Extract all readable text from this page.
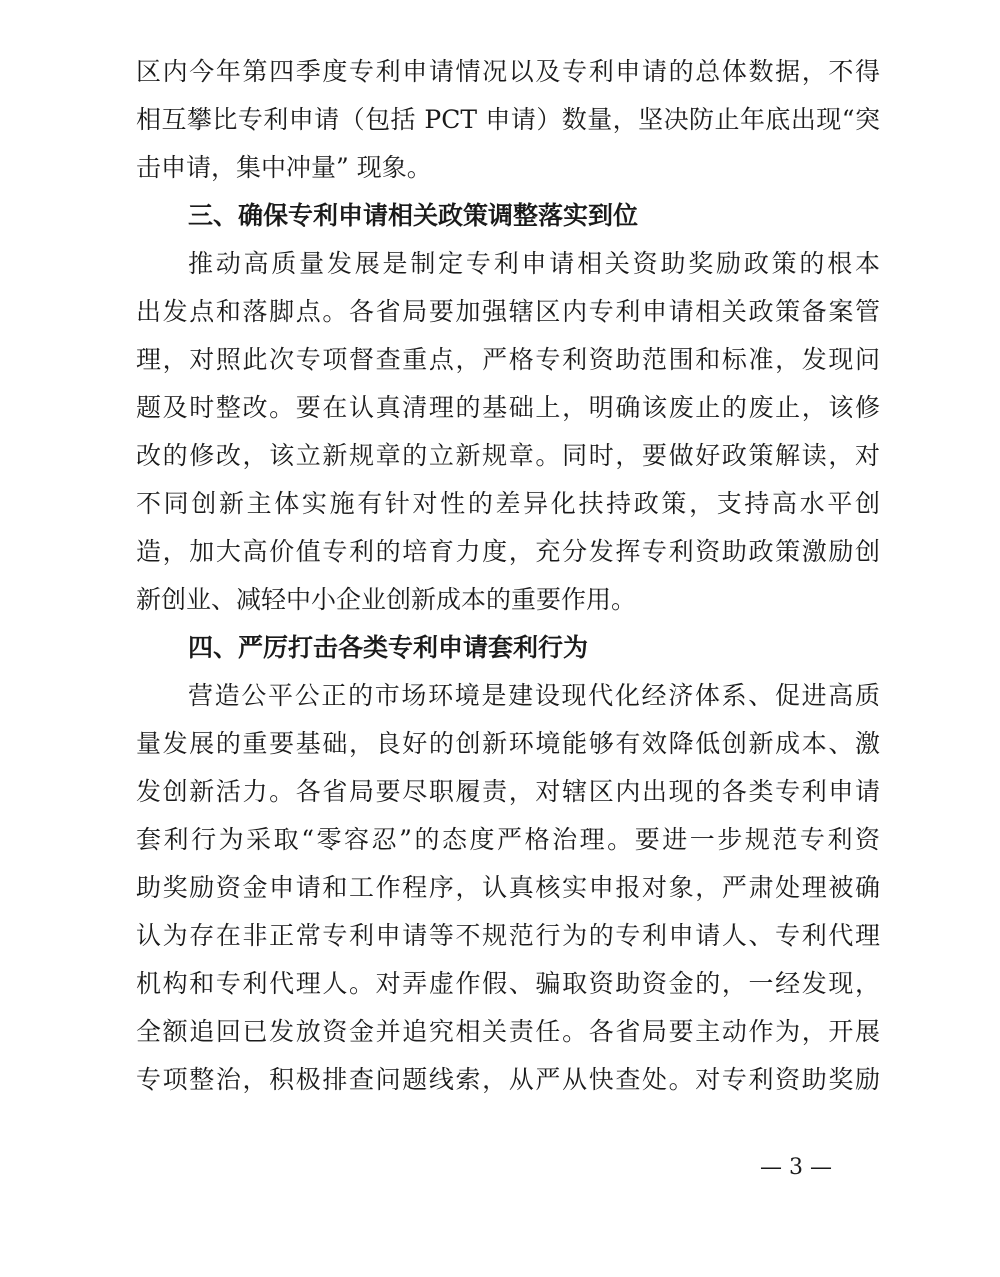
区内今年第四季度专利申请情况以及专利申请的总体数据，不得
相互攀比专利申请（包括 PCT 申请）数量，坚决防止年底出现“突
击申请，集中冲量” 现象。
三、确保专利申请相关政策调整落实到位
推动高质量发展是制定专利申请相关资助奖励政策的根本
出发点和落脚点。各省局要加强辖区内专利申请相关政策备案管
理，对照此次专项督查重点，严格专利资助范围和标准，发现问
题及时整改。要在认真清理的基础上，明确该废止的废止，该修
改的修改，该立新规章的立新规章。同时，要做好政策解读，对
不同创新主体实施有针对性的差异化扶持政策，支持高水平创
造，加大高价值专利的培育力度，充分发挥专利资助政策激励创
新创业、减轻中小企业创新成本的重要作用。
四、严厉打击各类专利申请套利行为
营造公平公正的市场环境是建设现代化经济体系、促进高质
量发展的重要基础，良好的创新环境能够有效降低创新成本、激
发创新活力。各省局要尽职履责，对辖区内出现的各类专利申请
套利行为采取“零容忍”的态度严格治理。要进一步规范专利资
助奖励资金申请和工作程序，认真核实申报对象，严肃处理被确
认为存在非正常专利申请等不规范行为的专利申请人、专利代理
机构和专利代理人。对弄虚作假、骗取资助资金的，一经发现，
全额追回已发放资金并追究相关责任。各省局要主动作为，开展
专项整治，积极排查问题线索，从严从快查处。对专利资助奖励
— 3 —
